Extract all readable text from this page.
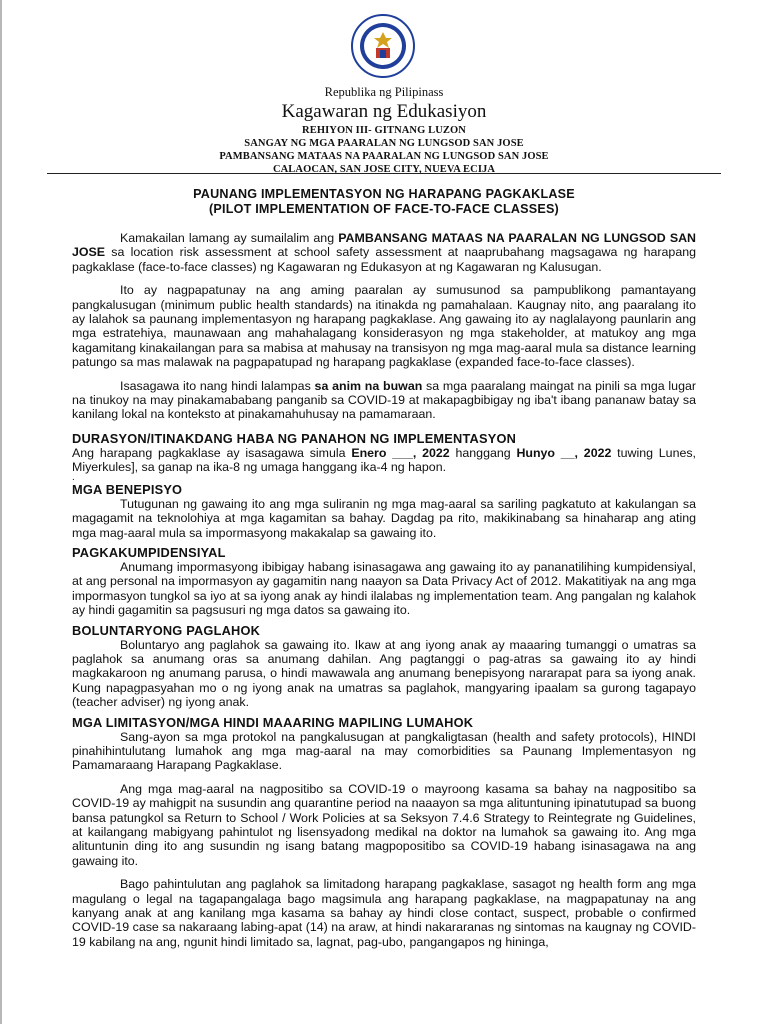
Republika ng Pilipinass
Kagawaran ng Edukasiyon
REHIYON III- GITNANG LUZON
SANGAY NG MGA PAARALAN NG LUNGSOD SAN JOSE
PAMBANSANG MATAAS NA PAARALAN NG LUNGSOD SAN JOSE
CALAOCAN, SAN JOSE CITY, NUEVA ECIJA
PAUNANG IMPLEMENTASYON NG HARAPANG PAGKAKLASE
(PILOT IMPLEMENTATION OF FACE-TO-FACE CLASSES)

Kamakailan lamang ay sumailalim ang PAMBANSANG MATAAS NA PAARALAN NG LUNGSOD SAN JOSE sa location risk assessment at school safety assessment at naaprubahang magsagawa ng harapang pagkaklase (face-to-face classes) ng Kagawaran ng Edukasyon at ng Kagawaran ng Kalusugan.

Ito ay nagpapatunay na ang aming paaralan ay sumusunod sa pampublikong pamantayang pangkalusugan (minimum public health standards) na itinakda ng pamahalaan. Kaugnay nito, ang paaralang ito ay lalahok sa paunang implementasyon ng harapang pagkaklase. Ang gawaing ito ay naglalayong paunlarin ang mga estratehiya, maunawaan ang mahahalagang konsiderasyon ng mga stakeholder, at matukoy ang mga kagamitang kinakailangan para sa mabisa at mahusay na transisyon ng mga mag-aaral mula sa distance learning patungo sa mas malawak na pagpapatupad ng harapang pagkaklase (expanded face-to-face classes).

Isasagawa ito nang hindi lalampas sa anim na buwan sa mga paaralang maingat na pinili sa mga lugar na tinukoy na may pinakamababang panganib sa COVID-19 at makapagbibigay ng iba't ibang pananaw batay sa kanilang lokal na konteksto at pinakamahuhusay na pamamaraan.

DURASYON/ITINAKDANG HABA NG PANAHON NG IMPLEMENTASYON

Ang harapang pagkaklase ay isasagawa simula Enero ___, 2022 hanggang Hunyo __, 2022 tuwing Lunes, Miyerkules], sa ganap na ika-8 ng umaga hanggang ika-4 ng hapon.

.
MGA BENEPISYO

Tutugunan ng gawaing ito ang mga suliranin ng mga mag-aaral sa sariling pagkatuto at kakulangan sa magagamit na teknolohiya at mga kagamitan sa bahay. Dagdag pa rito, makikinabang sa hinaharap ang ating mga mag-aaral mula sa impormasyong makakalap sa gawaing ito.

PAGKAKUMPIDENSIYAL

Anumang impormasyong ibibigay habang isinasagawa ang gawaing ito ay pananatilihing kumpidensiyal, at ang personal na impormasyon ay gagamitin nang naayon sa Data Privacy Act of 2012. Makatitiyak na ang mga impormasyon tungkol sa iyo at sa iyong anak ay hindi ilalabas ng implementation team. Ang pangalan ng kalahok ay hindi gagamitin sa pagsusuri ng mga datos sa gawaing ito.

BOLUNTARYONG PAGLAHOK

Boluntaryo ang paglahok sa gawaing ito. Ikaw at ang iyong anak ay maaaring tumanggi o umatras sa paglahok sa anumang oras sa anumang dahilan. Ang pagtanggi o pag-atras sa gawaing ito ay hindi magkakaroon ng anumang parusa, o hindi mawawala ang anumang benepisyong nararapat para sa iyong anak. Kung napagpasyahan mo o ng iyong anak na umatras sa paglahok, mangyaring ipaalam sa gurong tagapayo (teacher adviser) ng iyong anak.

MGA LIMITASYON/MGA HINDI MAAARING MAPILING LUMAHOK

Sang-ayon sa mga protokol na pangkalusugan at pangkaligtasan (health and safety protocols), HINDI pinahihintulutang lumahok ang mga mag-aaral na may comorbidities sa Paunang Implementasyon ng Pamamaraang Harapang Pagkaklase.

Ang mga mag-aaral na nagpositibo sa COVID-19 o mayroong kasama sa bahay na nagpositibo sa COVID-19 ay mahigpit na susundin ang quarantine period na naaayon sa mga alituntuning ipinatutupad sa buong bansa patungkol sa Return to School / Work Policies at sa Seksyon 7.4.6 Strategy to Reintegrate ng Guidelines, at kailangang mabigyang pahintulot ng lisensyadong medikal na doktor na lumahok sa gawaing ito. Ang mga alituntunin ding ito ang susundin ng isang batang magpopositibo sa COVID-19 habang isinasagawa na ang gawaing ito.

Bago pahintulutan ang paglahok sa limitadong harapang pagkaklase, sasagot ng health form ang mga magulang o legal na tagapangalaga bago magsimula ang harapang pagkaklase, na magpapatunay na ang kanyang anak at ang kanilang mga kasama sa bahay ay hindi close contact, suspect, probable o confirmed COVID-19 case sa nakaraang labing-apat (14) na araw, at hindi nakararanas ng sintomas na kaugnay ng COVID-19 kabilang na ang, ngunit hindi limitado sa, lagnat, pag-ubo, pangangapos ng hininga,
